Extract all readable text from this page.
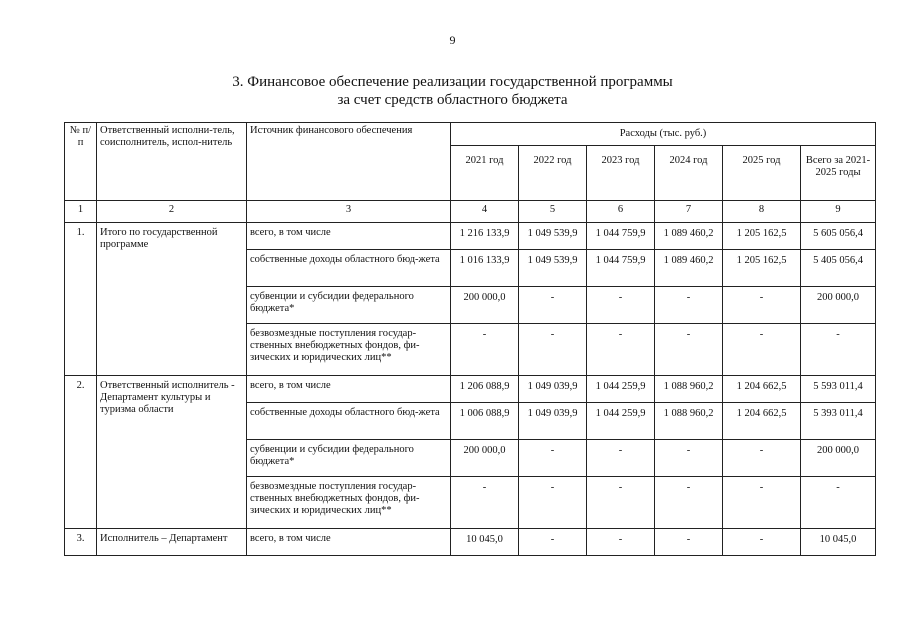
9
3. Финансовое обеспечение реализации государственной программы
за счет средств областного бюджета
№ п/п	Ответственный исполни-тель, соисполнитель, испол-нитель	Источник финансового обеспечения	Расходы (тыс. руб.)					
			2021 год	2022 год	2023 год	2024 год	2025 год	Всего за 2021-2025 годы
1	2	3	4	5	6	7	8	9
1.	Итого по государственной программе	всего, в том числе	1 216 133,9	1 049 539,9	1 044 759,9	1 089 460,2	1 205 162,5	5 605 056,4
		собственные доходы областного бюд-жета	1 016 133,9	1 049 539,9	1 044 759,9	1 089 460,2	1 205 162,5	5 405 056,4
		субвенции и субсидии федерального бюджета*	200 000,0	-	-	-	-	200 000,0
		безвозмездные поступления государ-ственных внебюджетных фондов, фи-зических и юридических лиц**	-	-	-	-	-	-
2.	Ответственный исполнитель - Департамент культуры и туризма области	всего, в том числе	1 206 088,9	1 049 039,9	1 044 259,9	1 088 960,2	1 204 662,5	5 593 011,4
		собственные доходы областного бюд-жета	1 006 088,9	1 049 039,9	1 044 259,9	1 088 960,2	1 204 662,5	5 393 011,4
		субвенции и субсидии федерального бюджета*	200 000,0	-	-	-	-	200 000,0
		безвозмездные поступления государ-ственных внебюджетных фондов, фи-зических и юридических лиц**	-	-	-	-	-	-
3.	Исполнитель – Департамент	всего, в том числе	10 045,0	-	-	-	-	10 045,0
